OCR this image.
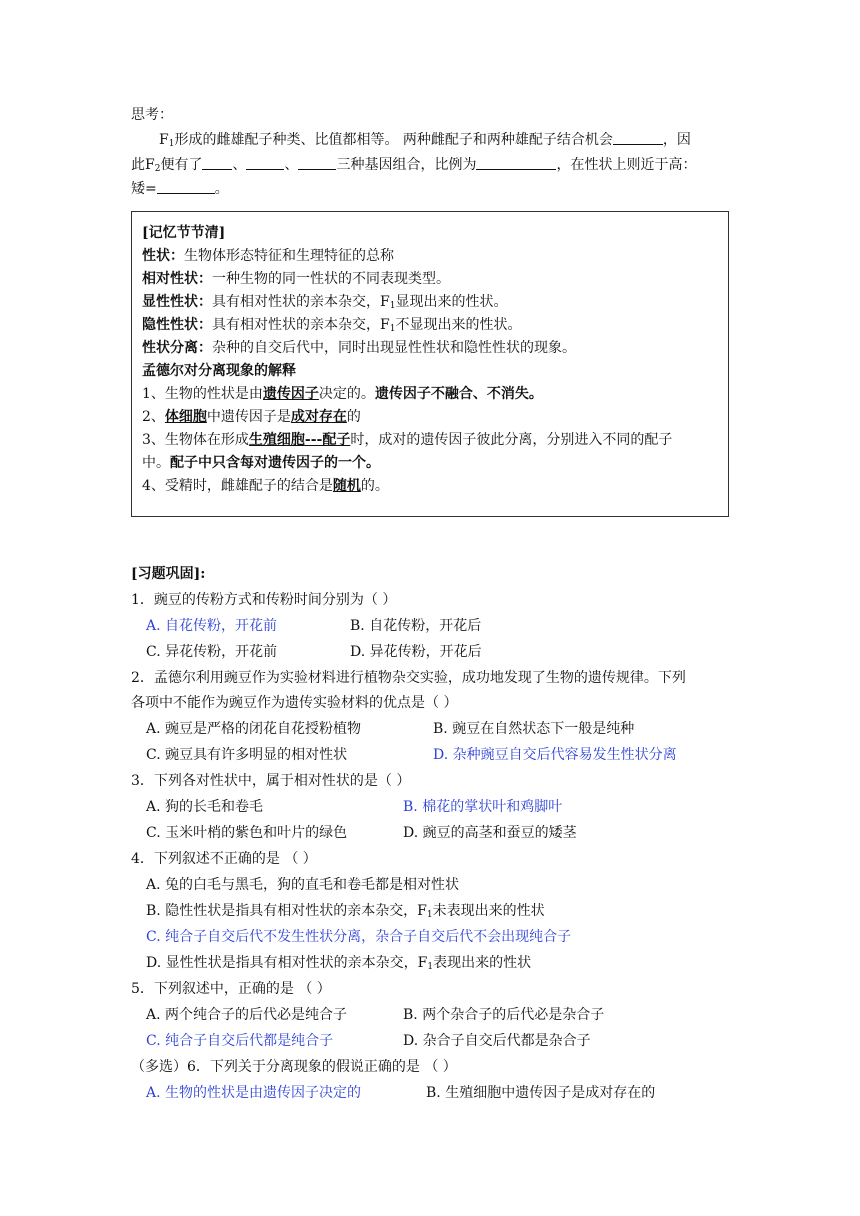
思考：
$F_1$形成的雌雄配子种类、比值都相等。 两种雌配子和两种雄配子结合机会	，因
此$F_2$便有了 、	、	三种基因组合，比例为	，在性状上则近于高：
矮=	。
[记忆节节清]
性状：生物体形态特征和生理特征的总称
相对性状：一种生物的同一性状的不同表现类型。
显性性状：具有相对性状的亲本杂交，$F_1$显现出来的性状。
隐性性状：具有相对性状的亲本杂交，$F_1$不显现出来的性状。
性状分离：杂种的自交后代中，同时出现显性性状和隐性性状的现象。
孟德尔对分离现象的解释
1、生物的性状是由遗传因子决定的。遗传因子不融合、不消失。
2、体细胞中遗传因子是成对存在的
3、生物体在形成生殖细胞---配子时，成对的遗传因子彼此分离，分别进入不同的配子
中。配子中只含每对遗传因子的一个。
4、受精时，雌雄配子的结合是随机的。
[习题巩固]:
1．豌豆的传粉方式和传粉时间分别为（ ）
A. 自花传粉，开花前	B. 自花传粉，开花后
C. 异花传粉，开花前	D. 异花传粉，开花后
2．孟德尔利用豌豆作为实验材料进行植物杂交实验，成功地发现了生物的遗传规律。下列
各项中不能作为豌豆作为遗传实验材料的优点是（ ）
A. 豌豆是严格的闭花自花授粉植物	B. 豌豆在自然状态下一般是纯种
C. 豌豆具有许多明显的相对性状	D. 杂种豌豆自交后代容易发生性状分离
3．下列各对性状中，属于相对性状的是（ ）
A. 狗的长毛和卷毛	B. 棉花的掌状叶和鸡脚叶
C. 玉米叶梢的紫色和叶片的绿色	D. 豌豆的高茎和蚕豆的矮茎
4．下列叙述不正确的是 （ ）
A. 兔的白毛与黑毛，狗的直毛和卷毛都是相对性状
B. 隐性性状是指具有相对性状的亲本杂交，$F_1$未表现出来的性状
C. 纯合子自交后代不发生性状分离，杂合子自交后代不会出现纯合子
D. 显性性状是指具有相对性状的亲本杂交，$F_1$表现出来的性状
5．下列叙述中，正确的是 （ ）
A. 两个纯合子的后代必是纯合子	B. 两个杂合子的后代必是杂合子
C. 纯合子自交后代都是纯合子	D. 杂合子自交后代都是杂合子
（多选）6．下列关于分离现象的假说正确的是 （ ）
A. 生物的性状是由遗传因子决定的	B. 生殖细胞中遗传因子是成对存在的
